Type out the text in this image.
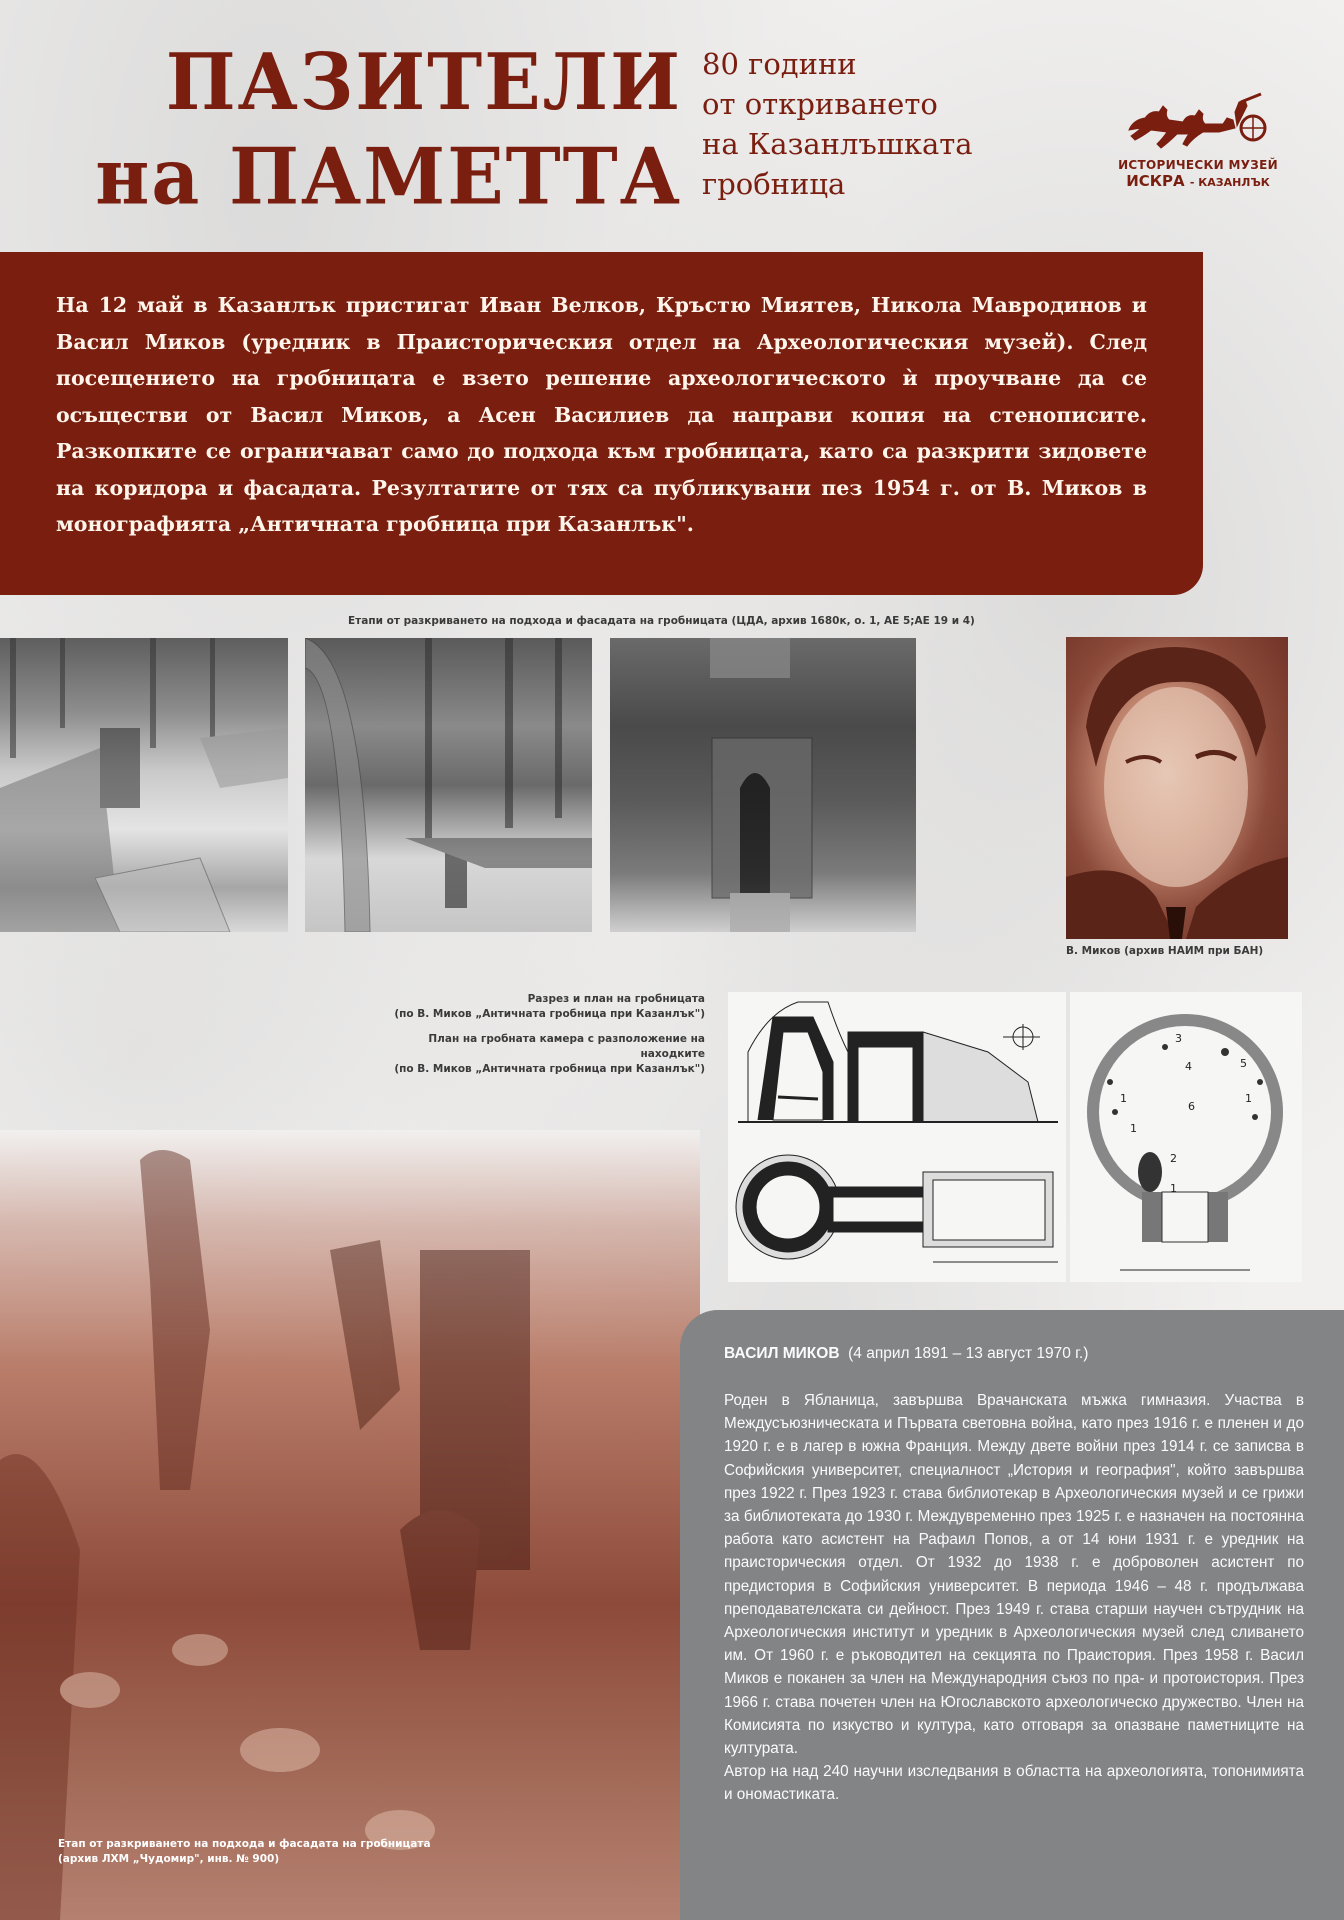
ПАЗИТЕЛИ
на ПАМЕТТА
80 години
от откриването
на Казанлъшката
гробница
ИСТОРИЧЕСКИ МУЗЕЙ
ИСКРА - КАЗАНЛЪК

На 12 май в Казанлък пристигат Иван Велков, Кръстю Миятев, Никола Мавродинов и Васил Миков (уредник в Праисторическия отдел на Археологическия музей). След посещението на гробницата е взето решение археологическото ѝ проучване да се осъществи от Васил Миков, а Асен Василиев да направи копия на стенописите. Разкопките се ограничават само до подхода към гробницата, като са разкрити зидовете на коридора и фасадата. Резултатите от тях са публикувани пез 1954 г. от В. Миков в монографията „Античната гробница при Казанлък".

Етапи от разкриването на подхода и фасадата на гробницата (ЦДА, архив 1680к, о. 1, АЕ 5;АЕ 19 и 4)
В. Миков (архив НАИМ при БАН)
Разрез и план на гробницата
(по В. Миков „Античната гробница при Казанлък")
План на гробната камера с разположение на находките
(по В. Миков „Античната гробница при Казанлък")
1	1
1
1
2
3
4	5
6
Етап от разкриването на подхода и фасадата на гробницата
(архив ЛХМ „Чудомир", инв. № 900)
ВАСИЛ МИКОВ (4 април 1891 – 13 август 1970 г.)

Роден в Ябланица, завършва Врачанската мъжка гимназия. Участва в Междусъюзническата и Първата световна война, като през 1916 г. е пленен и до 1920 г. е в лагер в южна Франция. Между двете войни през 1914 г. се записва в Софийския университет, специалност „История и география", който завършва през 1922 г. През 1923 г. става библиотекар в Археологическия музей и се грижи за библиотеката до 1930 г. Междувременно през 1925 г. е назначен на постоянна работа като асистент на Рафаил Попов, а от 14 юни 1931 г. е уредник на праисторическия отдел. От 1932 до 1938 г. е доброволен асистент по предистория в Софийския университет. В периода 1946 – 48 г. продължава преподавателската си дейност. През 1949 г. става старши научен сътрудник на Археологическия институт и уредник в Археологическия музей след сливането им. От 1960 г. е ръководител на секцията по Праистория. През 1958 г. Васил Миков е поканен за член на Международния съюз по пра- и протоистория. През 1966 г. става почетен член на Югославското археологическо дружество. Член на Комисията по изкуство и култура, като отговаря за опазване паметниците на културата.

Автор на над 240 научни изследвания в областта на археологията, топонимията и ономастиката.
